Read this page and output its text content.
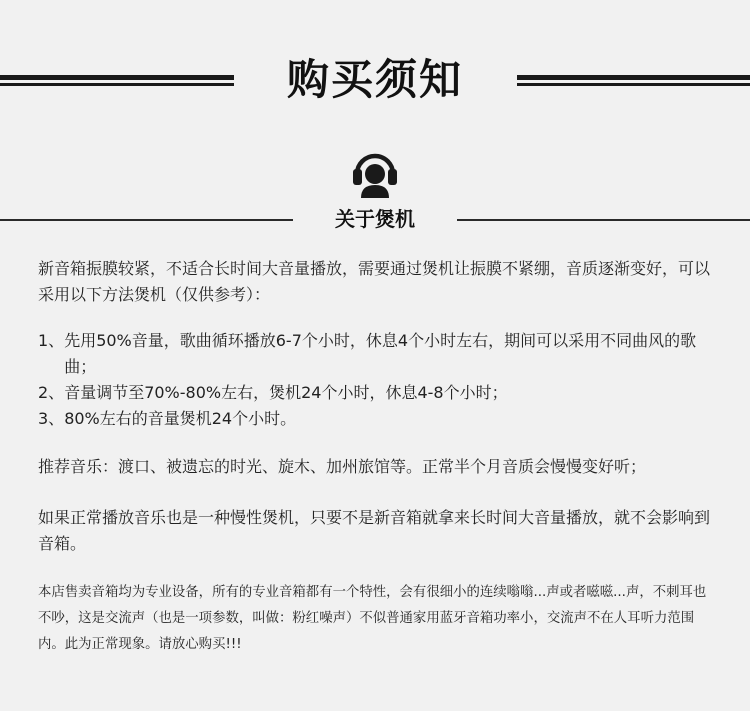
购买须知
关于煲机

新音箱振膜较紧，不适合长时间大音量播放，需要通过煲机让振膜不紧绷，音质逐渐变好，可以采用以下方法煲机（仅供参考）：

1、 先用50%音量，歌曲循环播放6-7个小时，休息4个小时左右，期间可以采用不同曲风的歌曲；
2、 音量调节至70%-80%左右，煲机24个小时，休息4-8个小时；
3、 80%左右的音量煲机24个小时。

推荐音乐：渡口、被遗忘的时光、旋木、加州旅馆等。正常半个月音质会慢慢变好听；

如果正常播放音乐也是一种慢性煲机，只要不是新音箱就拿来长时间大音量播放，就不会影响到音箱。

本店售卖音箱均为专业设备，所有的专业音箱都有一个特性，会有很细小的连续嗡嗡...声或者嗞嗞...声，不刺耳也不吵，这是交流声（也是一项参数，叫做：粉红噪声）不似普通家用蓝牙音箱功率小，交流声不在人耳听力范围内。此为正常现象。请放心购买!!!
